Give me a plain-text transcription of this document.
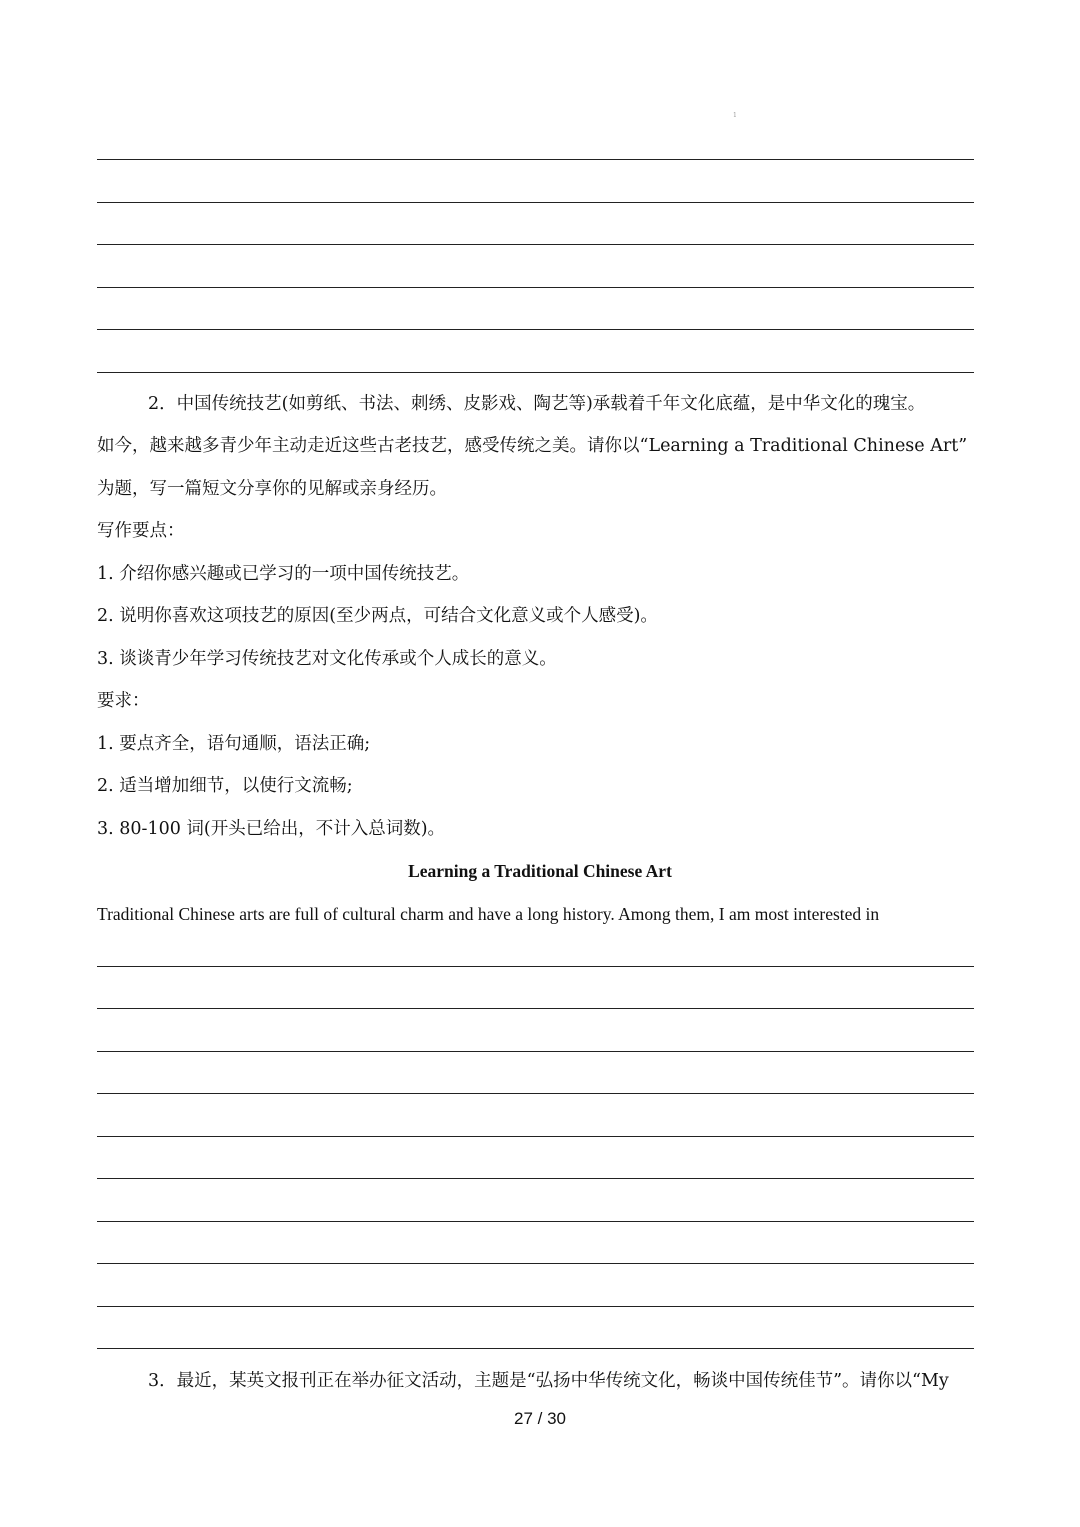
1
2．中国传统技艺(如剪纸、书法、刺绣、皮影戏、陶艺等)承载着千年文化底蕴，是中华文化的瑰宝。
如今，越来越多青少年主动走近这些古老技艺，感受传统之美。请你以“Learning a Traditional Chinese Art”
为题，写一篇短文分享你的见解或亲身经历。
写作要点：
1. 介绍你感兴趣或已学习的一项中国传统技艺。
2. 说明你喜欢这项技艺的原因(至少两点，可结合文化意义或个人感受)。
3. 谈谈青少年学习传统技艺对文化传承或个人成长的意义。
要求：
1. 要点齐全，语句通顺，语法正确;
2. 适当增加细节，以使行文流畅;
3. 80-100 词(开头已给出，不计入总词数)。
Learning a Traditional Chinese Art
Traditional Chinese arts are full of cultural charm and have a long history. Among them, I am most interested in
3．最近，某英文报刊正在举办征文活动，主题是“弘扬中华传统文化，畅谈中国传统佳节”。请你以“My
27 / 30
